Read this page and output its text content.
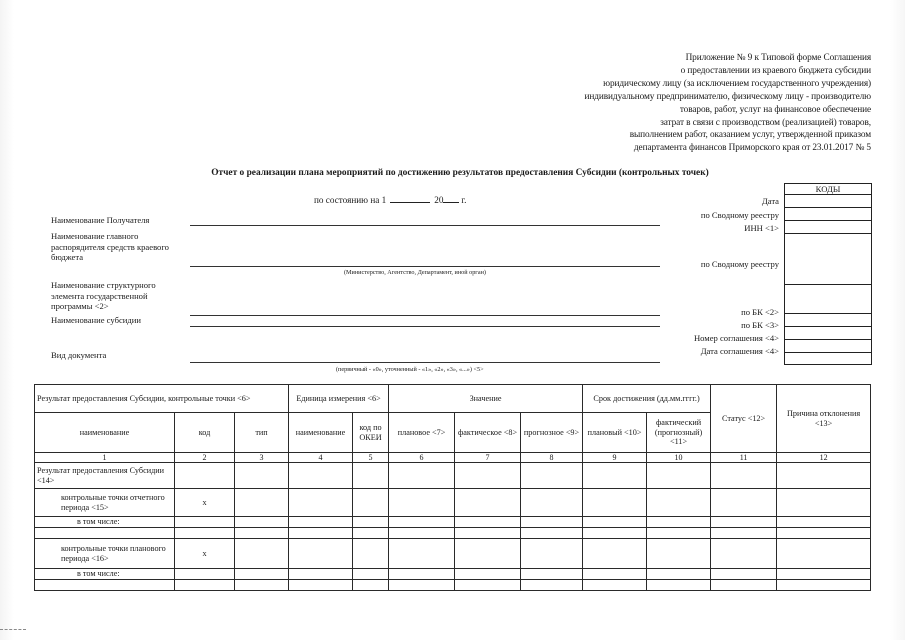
Приложение № 9 к Типовой форме Соглашения
о предоставлении из краевого бюджета субсидии
юридическому лицу (за исключением государственного учреждения)
индивидуальному предпринимателю, физическому лицу - производителю
товаров, работ, услуг на финансовое обеспечение
затрат в связи с производством (реализацией) товаров,
выполнением работ, оказанием услуг, утвержденной приказом
департамента финансов Приморского края от 23.01.2017 № 5
Отчет о реализации плана мероприятий по достижению результатов предоставления Субсидии (контрольных точек)
по состоянию на 1	20 г.
Наименование Получателя
Наименование главного распорядителя средств краевого бюджета
(Министерство, Агентство, Департамент, иной орган)
Наименование структурного элемента государственной программы <2>
Наименование субсидии
Вид документа
(первичный - «0», уточненный - «1», «2», «3», «...») <5>
Дата
по Сводному реестру
ИНН <1>
по Сводному реестру
по БК <2>
по БК <3>
Номер соглашения <4>
Дата соглашения <4>
КОДЫ
Результат предоставления Субсидии, контрольные точки <6>			Единица измерения <6>		Значение			Срок достижения (дд.мм.гггг.)		Статус <12>	Причина отклонения <13>
наименование	код	тип	наименование	код по ОКЕИ	плановое <7>	фактическое <8>	прогнозное <9>	плановый <10>	фактический (прогнозный) <11>		
1	2	3	4	5	6	7	8	9	10	11	12
Результат предоставления Субсидии <14>											
контрольные точки отчетного периода <15>	х										
в том числе:											

контрольные точки планового периода <16>	х										
в том числе:											
